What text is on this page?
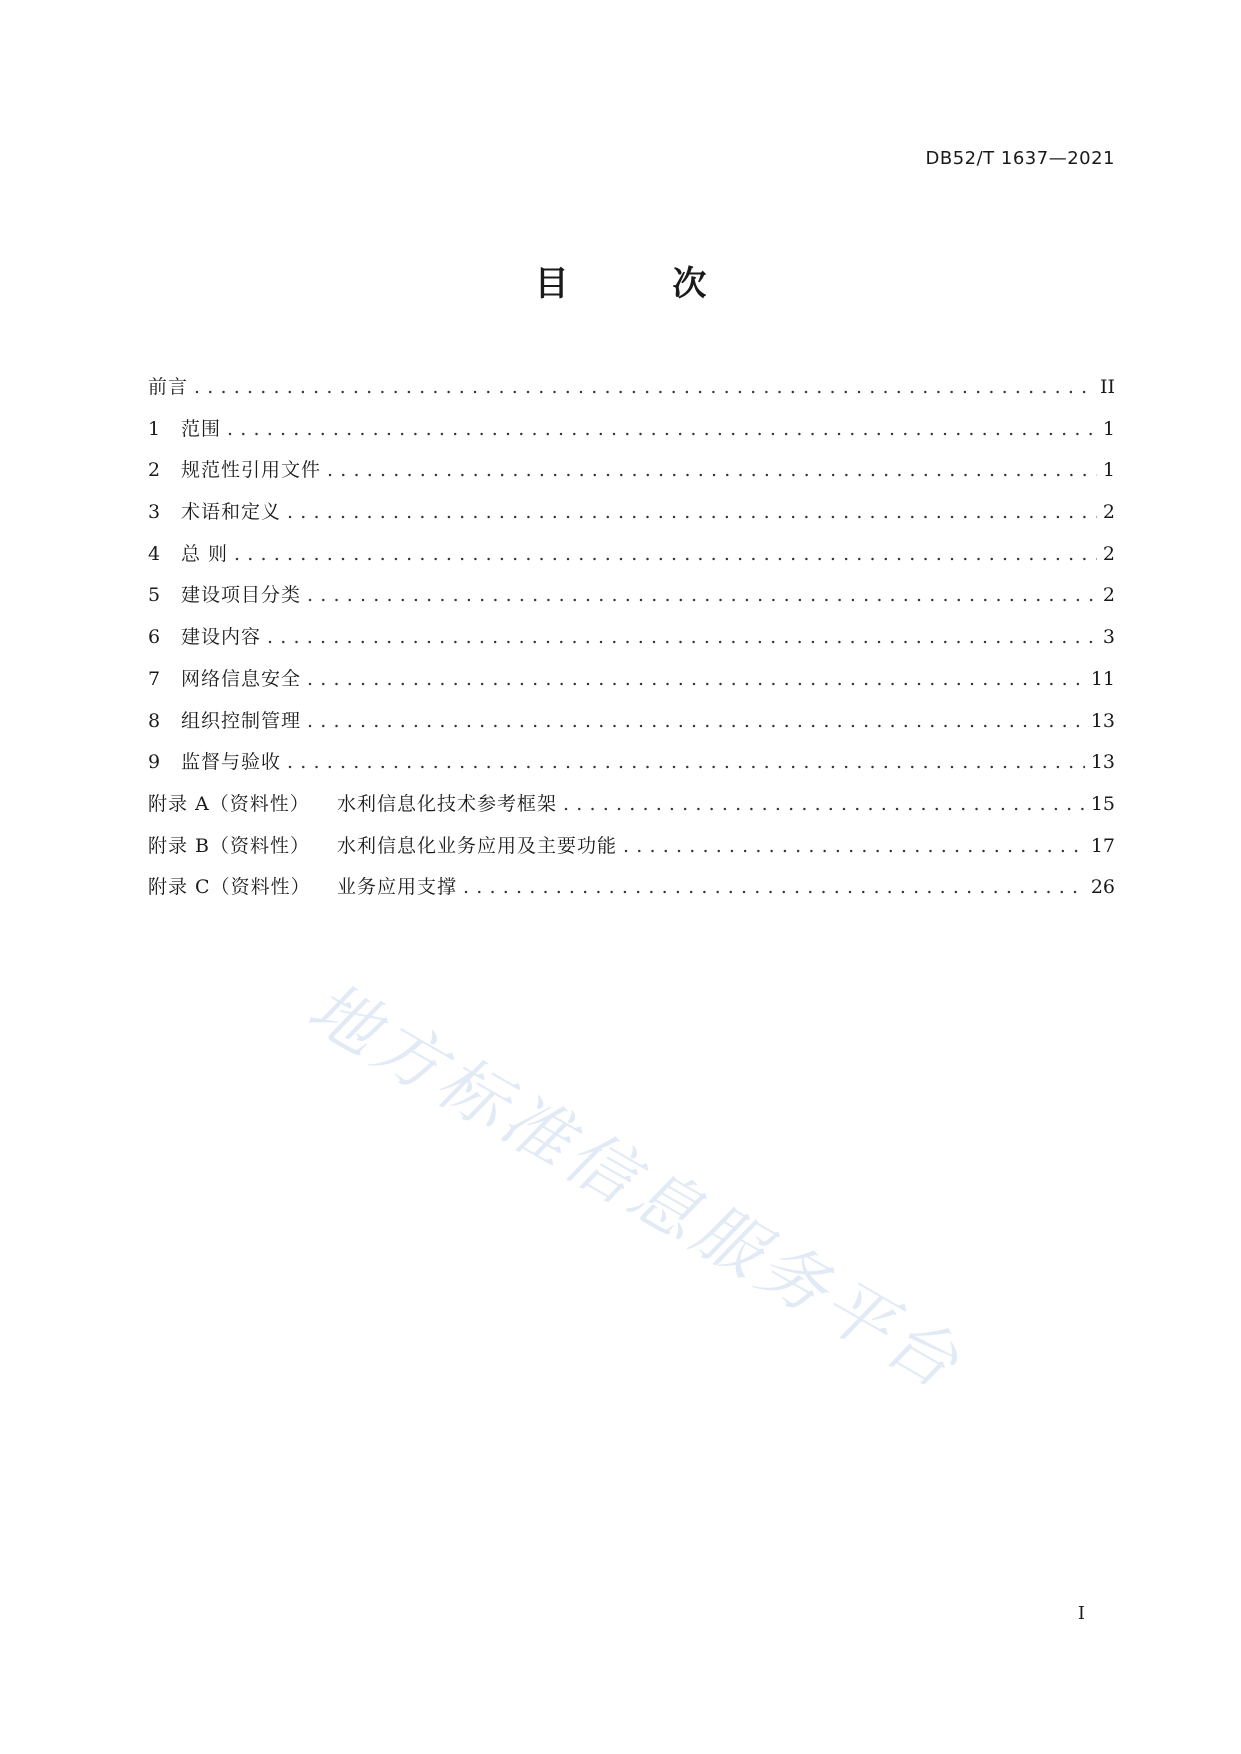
DB52/T 1637—2021
目 次
前言 .....	II
1 范围 .....	1
2 规范性引用文件 .....	1
3 术语和定义 .....	2
4 总 则 .....	2
5 建设项目分类 .....	2
6 建设内容 .....	3
7 网络信息安全 .....	11
8 组织控制管理 .....	13
9 监督与验收 .....	13
附录 A（资料性） 水利信息化技术参考框架 .....	15
附录 B（资料性） 水利信息化业务应用及主要功能 .....	17
附录 C（资料性） 业务应用支撑 .....	26
地方标准信息服务平台
I
